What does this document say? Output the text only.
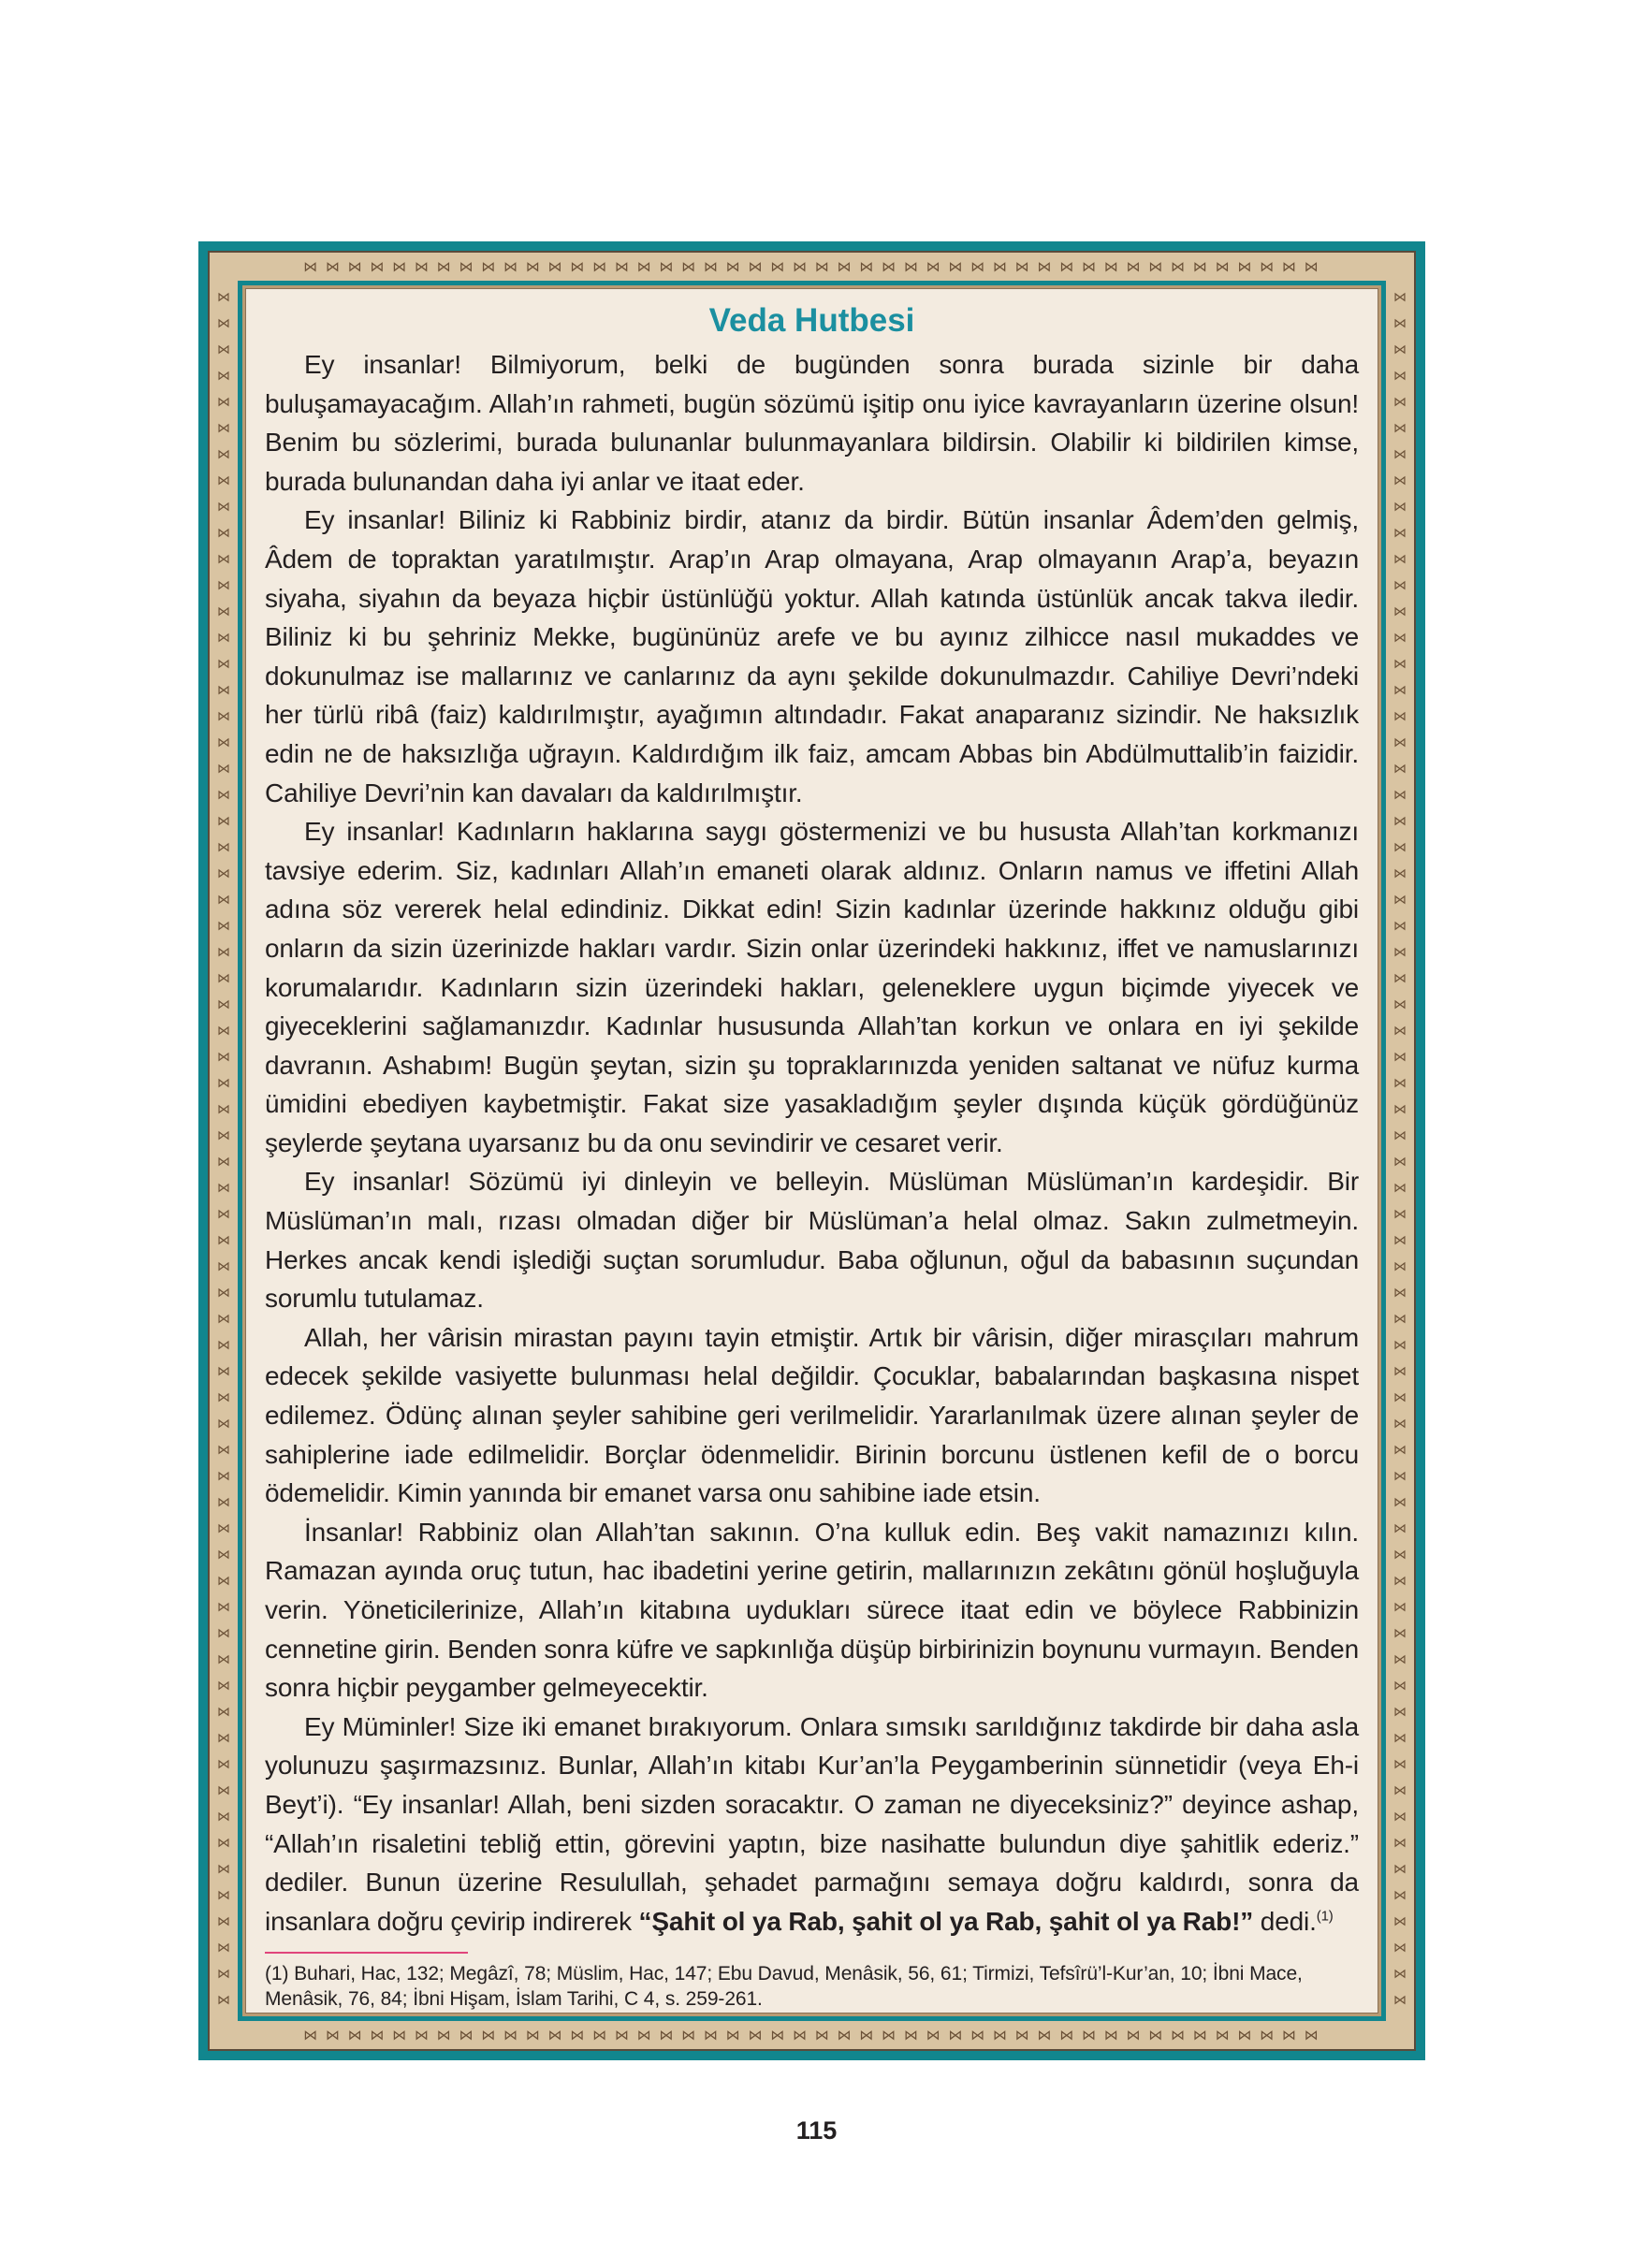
⋈ ⋈ ⋈ ⋈ ⋈ ⋈ ⋈ ⋈ ⋈ ⋈ ⋈ ⋈ ⋈ ⋈ ⋈ ⋈ ⋈ ⋈ ⋈ ⋈ ⋈ ⋈ ⋈ ⋈ ⋈ ⋈ ⋈ ⋈ ⋈ ⋈ ⋈ ⋈ ⋈ ⋈ ⋈ ⋈ ⋈ ⋈ ⋈ ⋈ ⋈ ⋈ ⋈ ⋈ ⋈ ⋈
⋈ ⋈ ⋈ ⋈ ⋈ ⋈ ⋈ ⋈ ⋈ ⋈ ⋈ ⋈ ⋈ ⋈ ⋈ ⋈ ⋈ ⋈ ⋈ ⋈ ⋈ ⋈ ⋈ ⋈ ⋈ ⋈ ⋈ ⋈ ⋈ ⋈ ⋈ ⋈ ⋈ ⋈ ⋈ ⋈ ⋈ ⋈ ⋈ ⋈ ⋈ ⋈ ⋈ ⋈ ⋈ ⋈
⋈⋈⋈⋈⋈⋈⋈⋈⋈⋈⋈⋈⋈⋈⋈⋈⋈⋈⋈⋈⋈⋈⋈⋈⋈⋈⋈⋈⋈⋈⋈⋈⋈⋈⋈⋈⋈⋈⋈⋈⋈⋈⋈⋈⋈⋈⋈⋈⋈⋈⋈⋈⋈⋈⋈⋈⋈⋈⋈⋈⋈⋈⋈⋈⋈⋈
⋈⋈⋈⋈⋈⋈⋈⋈⋈⋈⋈⋈⋈⋈⋈⋈⋈⋈⋈⋈⋈⋈⋈⋈⋈⋈⋈⋈⋈⋈⋈⋈⋈⋈⋈⋈⋈⋈⋈⋈⋈⋈⋈⋈⋈⋈⋈⋈⋈⋈⋈⋈⋈⋈⋈⋈⋈⋈⋈⋈⋈⋈⋈⋈⋈⋈
Veda Hutbesi

Ey insanlar! Bilmiyorum, belki de bugünden sonra burada sizinle bir daha buluşamayacağım. Allah’ın rahmeti, bugün sözümü işitip onu iyice kavrayanların üzerine olsun! Benim bu sözlerimi, burada bulunanlar bulunmayanlara bildirsin. Olabilir ki bildirilen kimse, burada bulunandan daha iyi anlar ve itaat eder.

Ey insanlar! Biliniz ki Rabbiniz birdir, atanız da birdir. Bütün insanlar Âdem’den gelmiş, Âdem de topraktan yaratılmıştır. Arap’ın Arap olmayana, Arap olmayanın Arap’a, beyazın siyaha, siyahın da beyaza hiçbir üstünlüğü yoktur. Allah katında üstünlük ancak takva iledir. Biliniz ki bu şehriniz Mekke, bugününüz arefe ve bu ayınız zilhicce nasıl mukaddes ve dokunulmaz ise mallarınız ve canlarınız da aynı şekilde dokunulmazdır. Cahiliye Devri’ndeki her türlü ribâ (faiz) kaldırılmıştır, ayağımın altındadır. Fakat anaparanız sizindir. Ne haksızlık edin ne de haksızlığa uğrayın. Kaldırdığım ilk faiz, amcam Abbas bin Abdülmuttalib’in faizidir. Cahiliye Devri’nin kan davaları da kaldırılmıştır.

Ey insanlar! Kadınların haklarına saygı göstermenizi ve bu hususta Allah’tan korkmanızı tavsiye ederim. Siz, kadınları Allah’ın emaneti olarak aldınız. Onların namus ve iffetini Allah adına söz vererek helal edindiniz. Dikkat edin! Sizin kadınlar üzerinde hakkınız olduğu gibi onların da sizin üzerinizde hakları vardır. Sizin onlar üzerindeki hakkınız, iffet ve namuslarınızı korumalarıdır. Kadınların sizin üzerindeki hakları, geleneklere uygun biçimde yiyecek ve giyeceklerini sağlamanızdır. Kadınlar hususunda Allah’tan korkun ve onlara en iyi şekilde davranın. Ashabım! Bugün şeytan, sizin şu topraklarınızda yeniden saltanat ve nüfuz kurma ümidini ebediyen kaybetmiştir. Fakat size yasakladığım şeyler dışında küçük gördüğünüz şeylerde şeytana uyarsanız bu da onu sevindirir ve cesaret verir.

Ey insanlar! Sözümü iyi dinleyin ve belleyin. Müslüman Müslüman’ın kardeşidir. Bir Müslüman’ın malı, rızası olmadan diğer bir Müslüman’a helal olmaz. Sakın zulmetmeyin. Herkes ancak kendi işlediği suçtan sorumludur. Baba oğlunun, oğul da babasının suçundan sorumlu tutulamaz.

Allah, her vârisin mirastan payını tayin etmiştir. Artık bir vârisin, diğer mirasçıları mahrum edecek şekilde vasiyette bulunması helal değildir. Çocuklar, babalarından başkasına nispet edilemez. Ödünç alınan şeyler sahibine geri verilmelidir. Yararlanılmak üzere alınan şeyler de sahiplerine iade edilmelidir. Borçlar ödenmelidir. Birinin borcunu üstlenen kefil de o borcu ödemelidir. Kimin yanında bir emanet varsa onu sahibine iade etsin.

İnsanlar! Rabbiniz olan Allah’tan sakının. O’na kulluk edin. Beş vakit namazınızı kılın. Ramazan ayında oruç tutun, hac ibadetini yerine getirin, mallarınızın zekâtını gönül hoşluğuyla verin. Yöneticilerinize, Allah’ın kitabına uydukları sürece itaat edin ve böylece Rabbinizin cennetine girin. Benden sonra küfre ve sapkınlığa düşüp birbirinizin boynunu vurmayın. Benden sonra hiçbir peygamber gelmeyecektir.

Ey Müminler! Size iki emanet bırakıyorum. Onlara sımsıkı sarıldığınız takdirde bir daha asla yolunuzu şaşırmazsınız. Bunlar, Allah’ın kitabı Kur’an’la Peygamberinin sünnetidir (veya Eh-i Beyt’i). “Ey insanlar! Allah, beni sizden soracaktır. O zaman ne diyeceksiniz?” deyince ashap, “Allah’ın risaletini tebliğ ettin, görevini yaptın, bize nasihatte bulundun diye şahitlik ederiz.” dediler. Bunun üzerine Resulullah, şehadet parmağını semaya doğru kaldırdı, sonra da insanlara doğru çevirip indirerek “Şahit ol ya Rab, şahit ol ya Rab, şahit ol ya Rab!” dedi.$^{(1)}$

(1) Buhari, Hac, 132; Megâzî, 78; Müslim, Hac, 147; Ebu Davud, Menâsik, 56, 61; Tirmizi, Tefsîrü’l-Kur’an, 10; İbni Mace, Menâsik, 76, 84; İbni Hişam, İslam Tarihi, C 4, s. 259-261.

115
